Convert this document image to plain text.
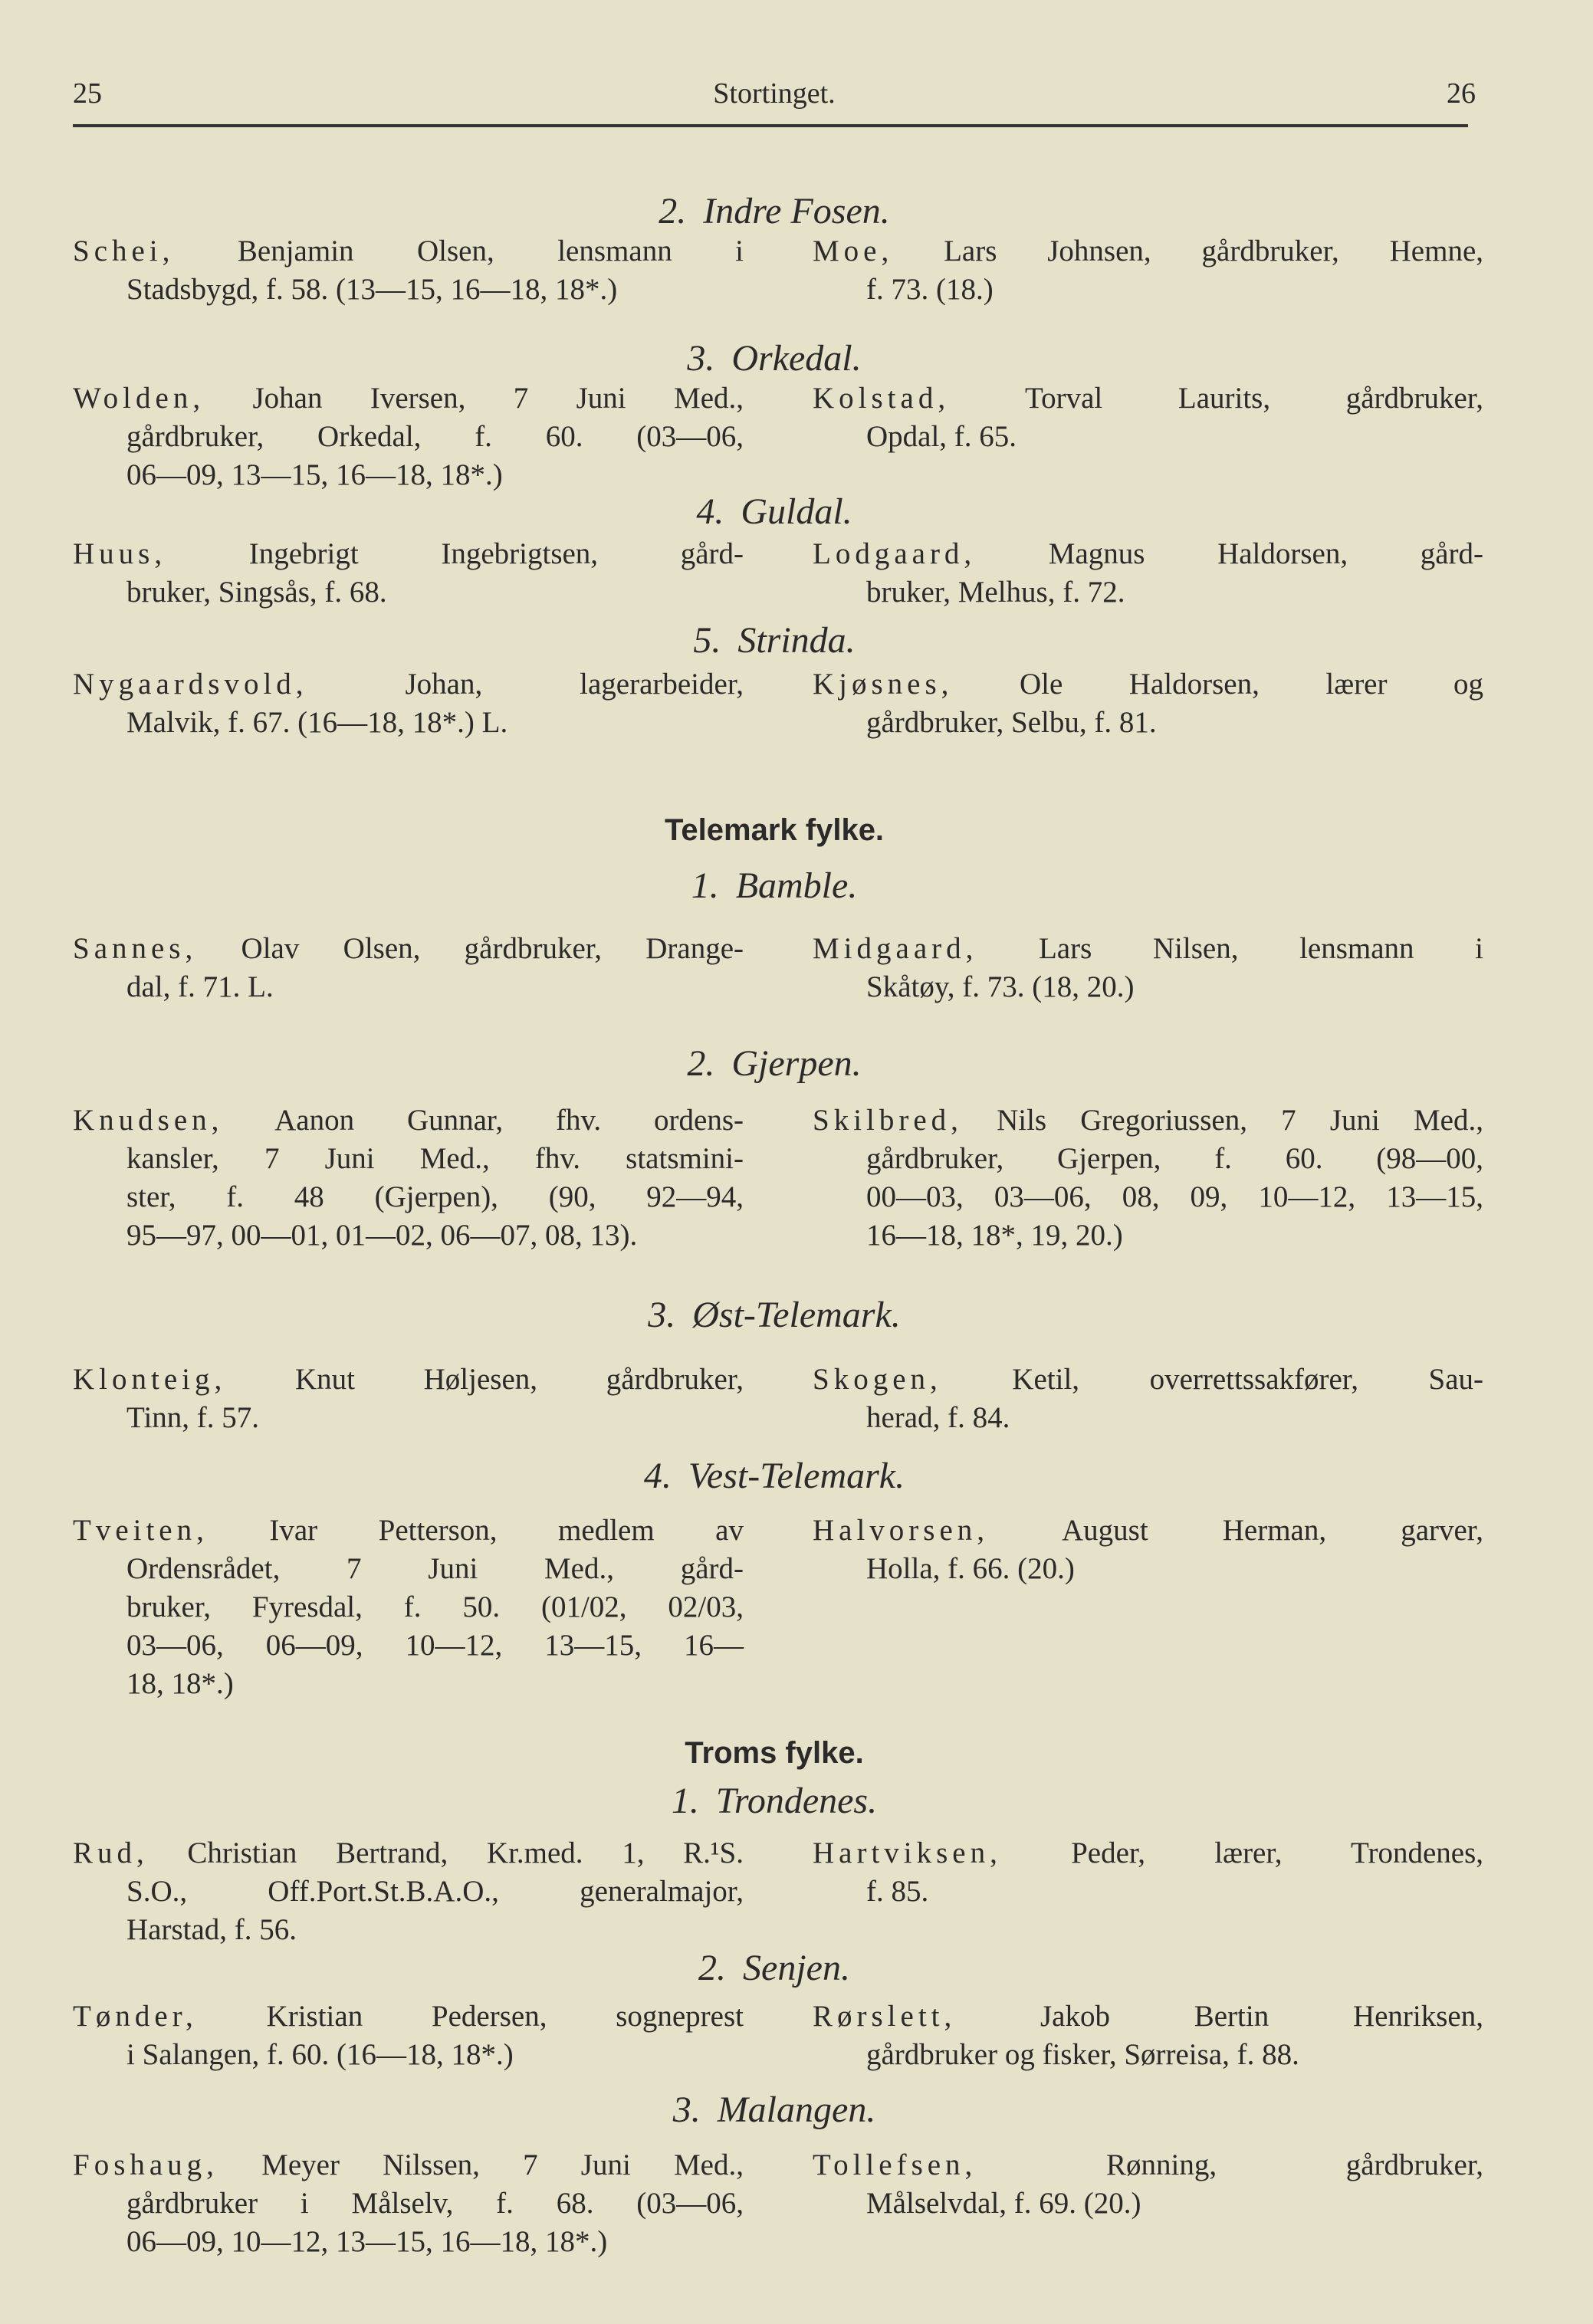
25	Stortinget.	26
2. Indre Fosen.
Schei, Benjamin Olsen, lensmann i
Stadsbygd, f. 58. (13—15, 16—18, 18*.)
Moe, Lars Johnsen, gårdbruker, Hemne,
f. 73. (18.)
3. Orkedal.
Wolden, Johan Iversen, 7 Juni Med.,
gårdbruker, Orkedal, f. 60. (03—06,
06—09, 13—15, 16—18, 18*.)
Kolstad,	Torval Laurits, gårdbruker,
Opdal, f. 65.
4. Guldal.
Huus,	Ingebrigt Ingebrigtsen, gård-
bruker, Singsås, f. 68.
Lodgaard, Magnus Haldorsen, gård-
bruker, Melhus, f. 72.
5. Strinda.
Nygaardsvold,	Johan, lagerarbeider,
Malvik, f. 67. (16—18, 18*.) L.
Kjøsnes, Ole Haldorsen, lærer og
gårdbruker, Selbu, f. 81.
Telemark fylke.
1. Bamble.
Sannes, Olav Olsen, gårdbruker, Drange-
dal, f. 71. L.
Midgaard, Lars Nilsen, lensmann i
Skåtøy, f. 73. (18, 20.)
2. Gjerpen.
Knudsen, Aanon Gunnar, fhv. ordens-
kansler, 7 Juni Med., fhv. statsmini-
ster, f. 48 (Gjerpen), (90, 92—94,
95—97, 00—01, 01—02, 06—07, 08, 13).
Skilbred, Nils Gregoriussen, 7 Juni Med.,
gårdbruker, Gjerpen, f. 60. (98—00,
00—03, 03—06, 08, 09, 10—12, 13—15,
16—18, 18*, 19, 20.)
3. Øst-Telemark.
Klonteig, Knut Høljesen, gårdbruker,
Tinn, f. 57.
Skogen, Ketil, overrettssakfører, Sau-
herad, f. 84.
4. Vest-Telemark.
Tveiten, Ivar Petterson, medlem av
Ordensrådet, 7 Juni Med., gård-
bruker, Fyresdal, f. 50. (01/02, 02/03,
03—06, 06—09, 10—12, 13—15, 16—
18, 18*.)
Halvorsen, August Herman, garver,
Holla, f. 66. (20.)
Troms fylke.
1. Trondenes.
Rud, Christian Bertrand, Kr.med. 1, R.¹S.
S.O., Off.Port.St.B.A.O., generalmajor,
Harstad, f. 56.
Hartviksen, Peder, lærer, Trondenes,
f. 85.
2. Senjen.
Tønder, Kristian Pedersen, sogneprest
i Salangen, f. 60. (16—18, 18*.)
Rørslett,	Jakob Bertin Henriksen,
gårdbruker og fisker, Sørreisa, f. 88.
3. Malangen.
Foshaug, Meyer Nilssen, 7 Juni Med.,
gårdbruker i Målselv, f. 68. (03—06,
06—09, 10—12, 13—15, 16—18, 18*.)
Tollefsen,	Rønning, gårdbruker,
Målselvdal, f. 69. (20.)
